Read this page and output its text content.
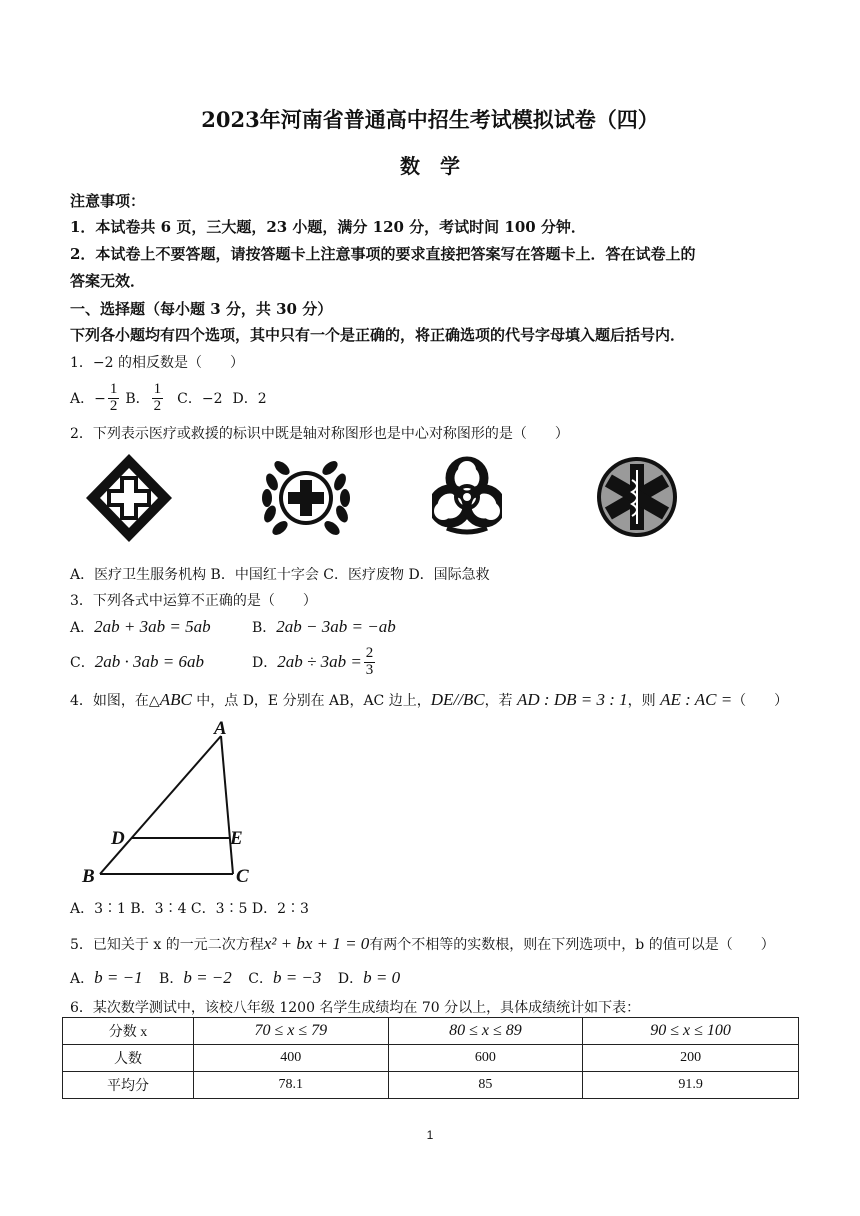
2023年河南省普通高中招生考试模拟试卷（四）
数　学
注意事项：
1．本试卷共 6 页，三大题，23 小题，满分 120 分，考试时间 100 分钟．
2．本试卷上不要答题，请按答题卡上注意事项的要求直接把答案写在答题卡上．答在试卷上的
答案无效．
一、选择题（每小题 3 分，共 30 分）
下列各小题均有四个选项，其中只有一个是正确的，将正确选项的代号字母填入题后括号内．
1．−2 的相反数是（　　）
A．− $\frac{1}{2}$ B． $\frac{1}{2}$ C．−2 D．2
2．下列表示医疗或救援的标识中既是轴对称图形也是中心对称图形的是（　　）
A．医疗卫生服务机构 B．中国红十字会 C．医疗废物 D．国际急救
3．下列各式中运算不正确的是（　　）
A．2ab + 3ab = 5ab	B．2ab − 3ab = −ab
C．2ab · 3ab = 6ab	D． $2ab \div 3ab = \frac{2}{3}$
4．如图，在△ABC 中，点 D，E 分别在 AB，AC 边上，DE//BC，若 AD : DB = 3 : 1，则 AE : AC =（　　）
A
D	E
B	C
A．3∶1 B．3∶4 C．3∶5 D．2∶3
5．已知关于 x 的一元二次方程x² + bx + 1 = 0有两个不相等的实数根，则在下列选项中，b 的值可以是（　　）
A．b = −1 B．b = −2 C．b = −3 D．b = 0
6．某次数学测试中，该校八年级 1200 名学生成绩均在 70 分以上，具体成绩统计如下表：
分数 x	70 ≤ x ≤ 79	80 ≤ x ≤ 89	90 ≤ x ≤ 100
人数	400	600	200
平均分	78.1	85	91.9
1
